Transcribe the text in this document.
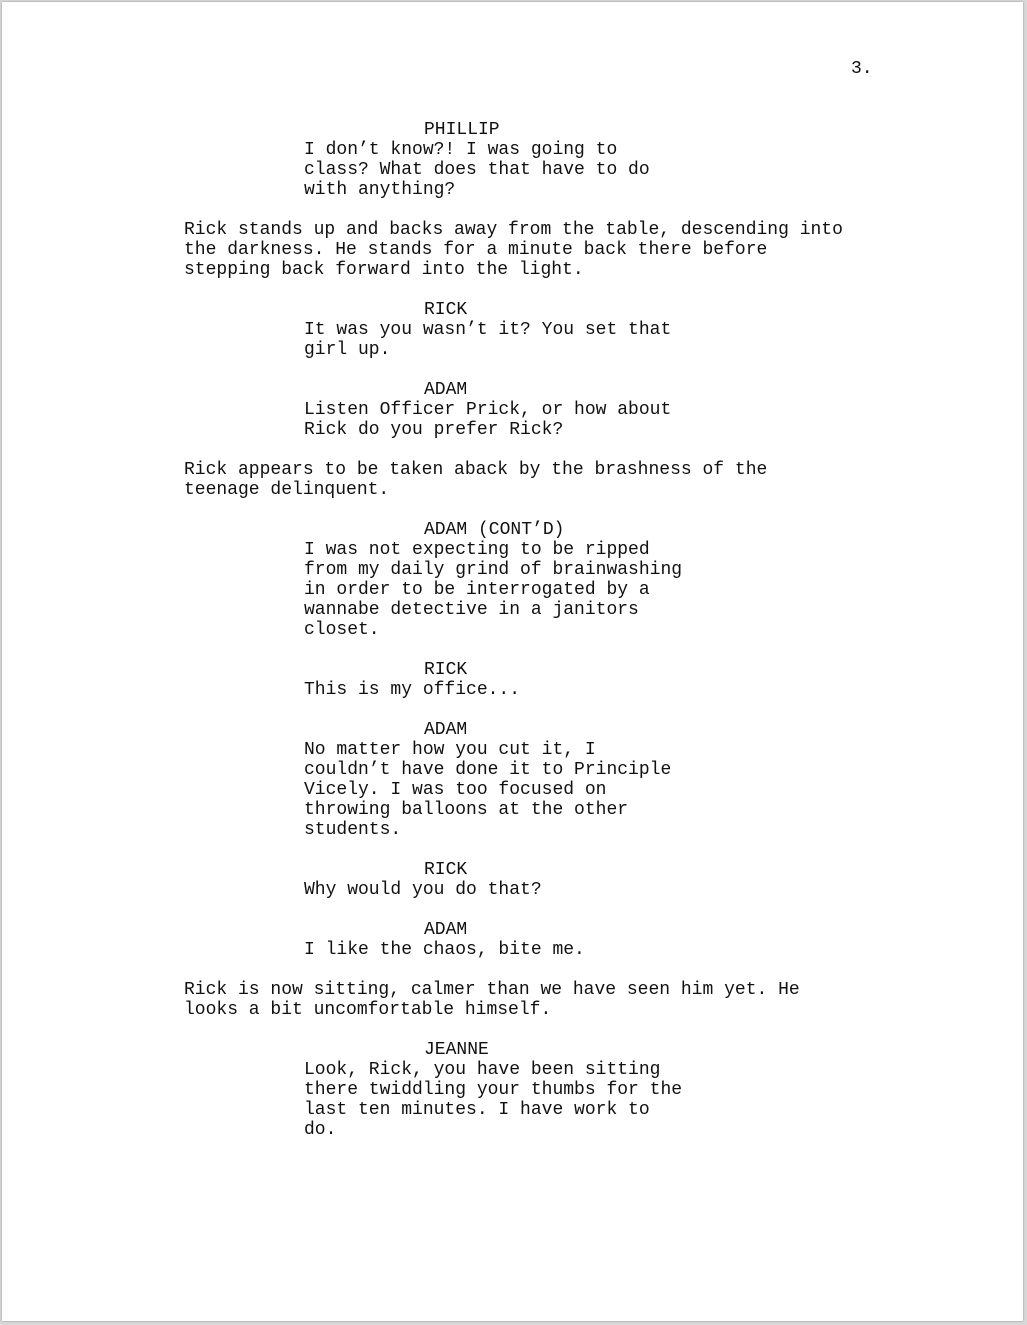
3.
PHILLIP
I don’t know?! I was going to
class? What does that have to do
with anything?
Rick stands up and backs away from the table, descending into
the darkness. He stands for a minute back there before
stepping back forward into the light.
RICK
It was you wasn’t it? You set that
girl up.
ADAM
Listen Officer Prick, or how about
Rick do you prefer Rick?
Rick appears to be taken aback by the brashness of the
teenage delinquent.
ADAM (CONT’D)
I was not expecting to be ripped
from my daily grind of brainwashing
in order to be interrogated by a
wannabe detective in a janitors
closet.
RICK
This is my office...
ADAM
No matter how you cut it, I
couldn’t have done it to Principle
Vicely. I was too focused on
throwing balloons at the other
students.
RICK
Why would you do that?
ADAM
I like the chaos, bite me.
Rick is now sitting, calmer than we have seen him yet. He
looks a bit uncomfortable himself.
JEANNE
Look, Rick, you have been sitting
there twiddling your thumbs for the
last ten minutes. I have work to
do.
